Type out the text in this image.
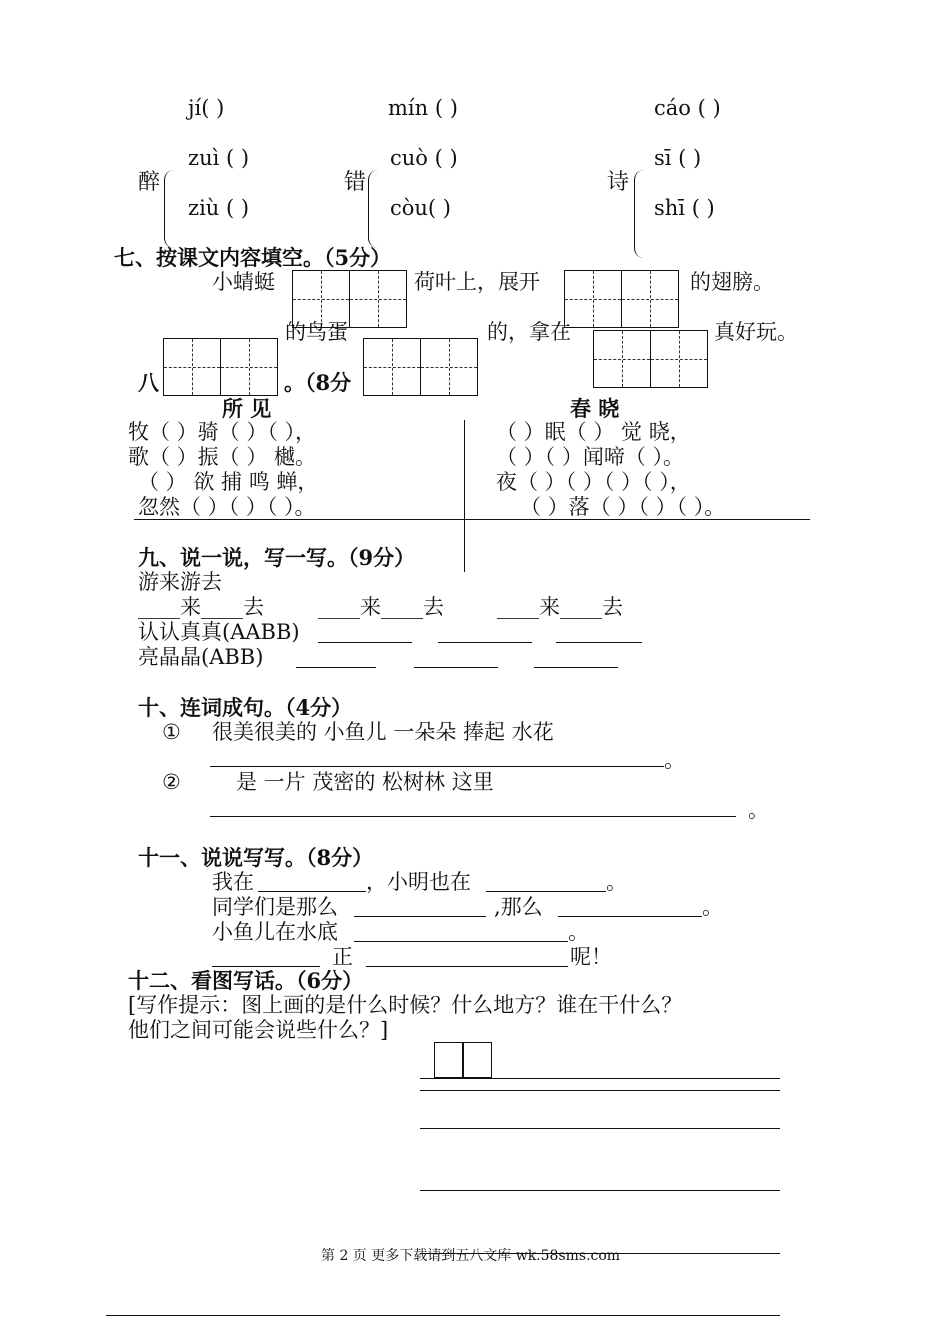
jí( )	mín ( )	cáo ( )
醉
zuì ( )
ziù ( )
错
cuò ( )
còu( )
诗
sī ( )
shī ( )
七、按课文内容填空。（5分）
小蜻蜓	荷叶上，展开	的翅膀。
的鸟蛋	的，拿在	真好玩。
八	。（8分
所 见	春 晓
牧（ ）骑（ ）（ ），
歌（ ）振（ ） 樾。
（ ） 欲 捕 鸣 蝉，
忽然（ ）（ ）（ ）。
（ ）眠（ ） 觉 晓，
（ ）（ ）闻啼（ ）。
夜（ ）（ ）（ ）（ ），
（ ）落（ ）（ ）（ ）。
九、说一说，写一写。（9分）
游来游去
____来____去	____来____去	____来____去
认认真真(AABB)
亮晶晶(ABB)
十、连词成句。（4分）
① 很美很美的 小鱼儿 一朵朵 捧起 水花
。
②	是 一片 茂密的 松树林 这里
。
十一、说说写写。（8分）
我在	，小明也在	。
同学们是那么	,那么	。
小鱼儿在水底	。
正	呢！
十二、看图写话。（6分）
[写作提示：图上画的是什么时候？什么地方？谁在干什么？
他们之间可能会说些什么？]
第 2 页 更多下载请到五八文库 wk.58sms.com
